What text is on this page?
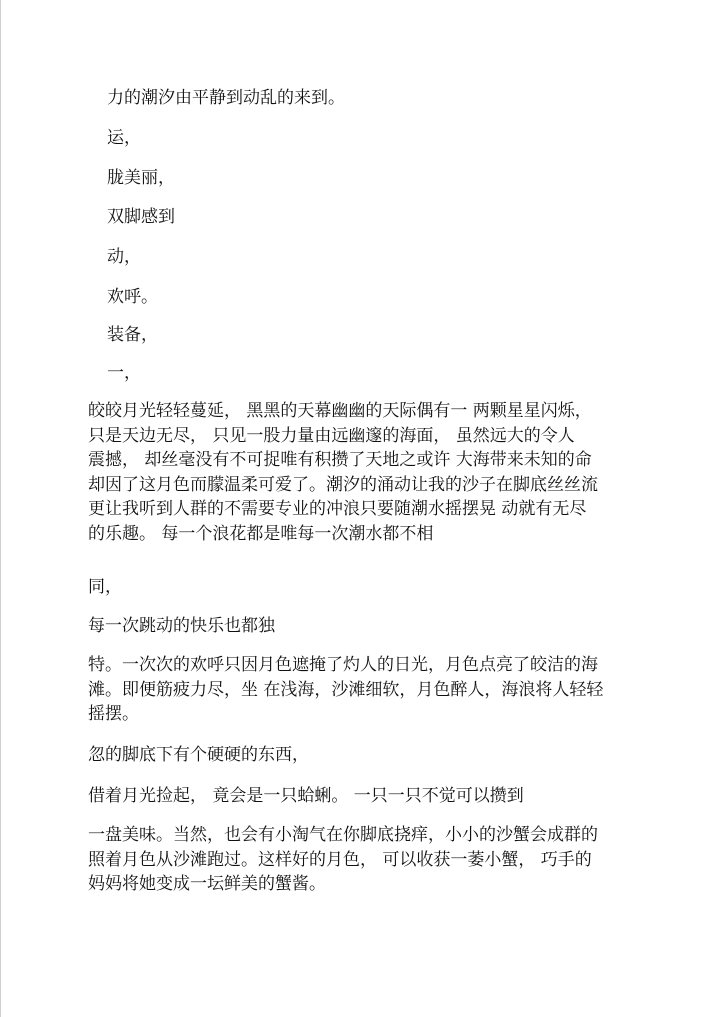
力的潮汐由平静到动乱的来到。

运，

胧美丽，

双脚感到

动，

欢呼。

装备，

一，

皎皎月光轻轻蔓延， 黑黑的天幕幽幽的天际偶有一 两颗星星闪烁，
只是天边无尽， 只见一股力量由远幽邃的海面， 虽然远大的令人
震撼， 却丝毫没有不可捉唯有积攒了天地之或许 大海带来未知的命
却因了这月色而朦温柔可爱了。潮汐的涌动让我的沙子在脚底丝丝流
更让我听到人群的不需要专业的冲浪只要随潮水摇摆晃 动就有无尽
的乐趣。 每一个浪花都是唯每一次潮水都不相

同，

每一次跳动的快乐也都独

特。一次次的欢呼只因月色遮掩了灼人的日光，月色点亮了皎洁的海
滩。即便筋疲力尽，坐 在浅海，沙滩细软，月色醉人，海浪将人轻轻
摇摆。

忽的脚底下有个硬硬的东西，

借着月光捡起， 竟会是一只蛤蜊。 一只一只不觉可以攒到

一盘美味。当然，也会有小淘气在你脚底挠痒，小小的沙蟹会成群的
照着月色从沙滩跑过。这样好的月色， 可以收获一萎小蟹， 巧手的
妈妈将她变成一坛鲜美的蟹酱。
